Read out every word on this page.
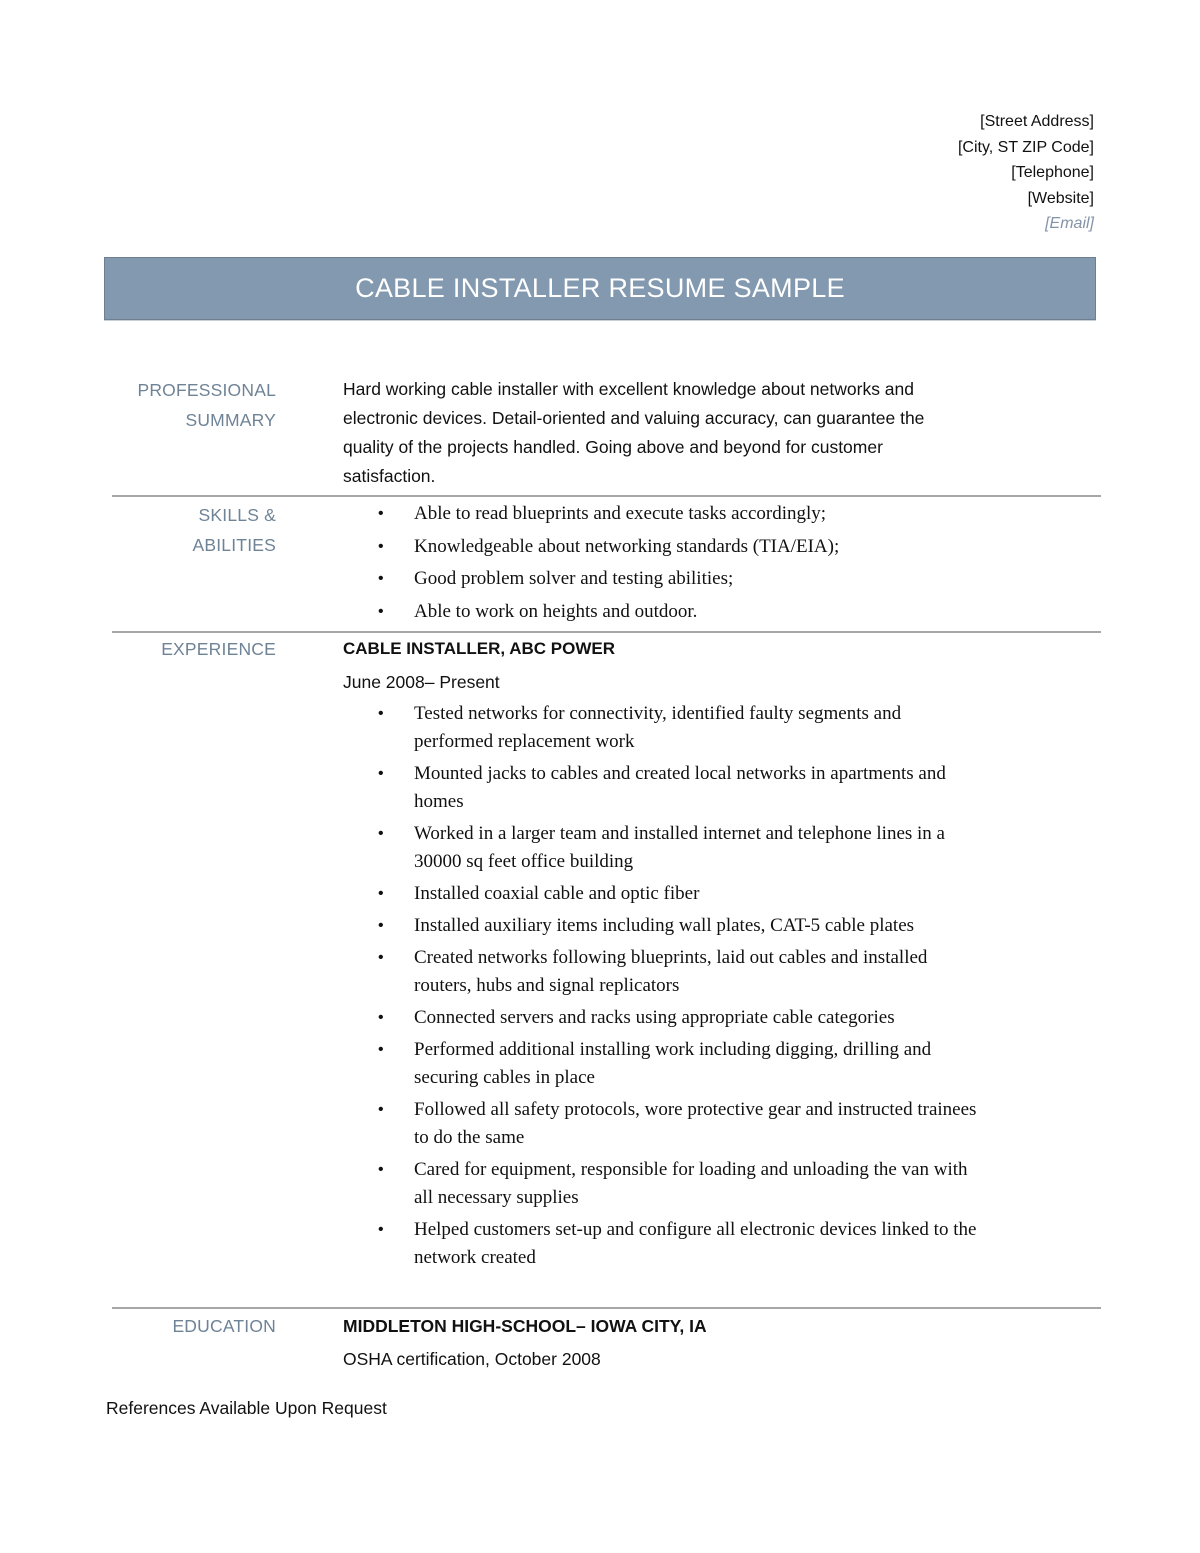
[Street Address]
[City, ST ZIP Code]
[Telephone]
[Website]
[Email]
CABLE INSTALLER RESUME SAMPLE
PROFESSIONAL
SUMMARY
Hard working cable installer with excellent knowledge about networks and electronic devices. Detail-oriented and valuing accuracy, can guarantee the quality of the projects handled. Going above and beyond for customer satisfaction.
SKILLS & ABILITIES
• Able to read blueprints and execute tasks accordingly;
• Knowledgeable about networking standards (TIA/EIA);
• Good problem solver and testing abilities;
• Able to work on heights and outdoor.
EXPERIENCE	CABLE INSTALLER, ABC POWER
June 2008– Present
• Tested networks for connectivity, identified faulty segments and performed replacement work
• Mounted jacks to cables and created local networks in apartments and homes
• Worked in a larger team and installed internet and telephone lines in a 30000 sq feet office building
• Installed coaxial cable and optic fiber
• Installed auxiliary items including wall plates, CAT-5 cable plates
• Created networks following blueprints, laid out cables and installed routers, hubs and signal replicators
• Connected servers and racks using appropriate cable categories
• Performed additional installing work including digging, drilling and securing cables in place
• Followed all safety protocols, wore protective gear and instructed trainees to do the same
• Cared for equipment, responsible for loading and unloading the van with all necessary supplies
• Helped customers set-up and configure all electronic devices linked to the network created
EDUCATION	MIDDLETON HIGH-SCHOOL– IOWA CITY, IA
OSHA certification, October 2008
References Available Upon Request
